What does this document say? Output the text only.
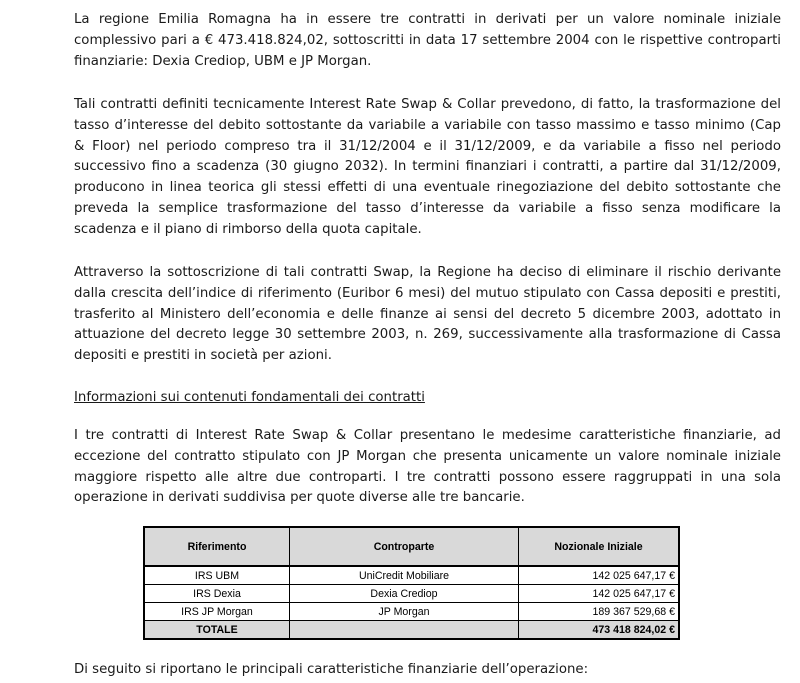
La regione Emilia Romagna ha in essere tre contratti in derivati per un valore nominale iniziale complessivo pari a € 473.418.824,02, sottoscritti in data 17 settembre 2004 con le rispettive controparti finanziarie: Dexia Crediop, UBM e JP Morgan.

Tali contratti definiti tecnicamente Interest Rate Swap & Collar prevedono, di fatto, la trasformazione del tasso d’interesse del debito sottostante da variabile a variabile con tasso massimo e tasso minimo (Cap & Floor) nel periodo compreso tra il 31/12/2004 e il 31/12/2009, e da variabile a fisso nel periodo successivo fino a scadenza (30 giugno 2032). In termini finanziari i contratti, a partire dal 31/12/2009, producono in linea teorica gli stessi effetti di una eventuale rinegoziazione del debito sottostante che preveda la semplice trasformazione del tasso d’interesse da variabile a fisso senza modificare la scadenza e il piano di rimborso della quota capitale.

Attraverso la sottoscrizione di tali contratti Swap, la Regione ha deciso di eliminare il rischio derivante dalla crescita dell’indice di riferimento (Euribor 6 mesi) del mutuo stipulato con Cassa depositi e prestiti, trasferito al Ministero dell’economia e delle finanze ai sensi del decreto 5 dicembre 2003, adottato in attuazione del decreto legge 30 settembre 2003, n. 269, successivamente alla trasformazione di Cassa depositi e prestiti in società per azioni.

Informazioni sui contenuti fondamentali dei contratti

I tre contratti di Interest Rate Swap & Collar presentano le medesime caratteristiche finanziarie, ad eccezione del contratto stipulato con JP Morgan che presenta unicamente un valore nominale iniziale maggiore rispetto alle altre due controparti. I tre contratti possono essere raggruppati in una sola operazione in derivati suddivisa per quote diverse alle tre bancarie.

Riferimento	Controparte	Nozionale Iniziale
IRS UBM	UniCredit Mobiliare	142 025 647,17 €
IRS Dexia	Dexia Crediop	142 025 647,17 €
IRS JP Morgan	JP Morgan	189 367 529,68 €
TOTALE		473 418 824,02 €

Di seguito si riportano le principali caratteristiche finanziarie dell’operazione:
